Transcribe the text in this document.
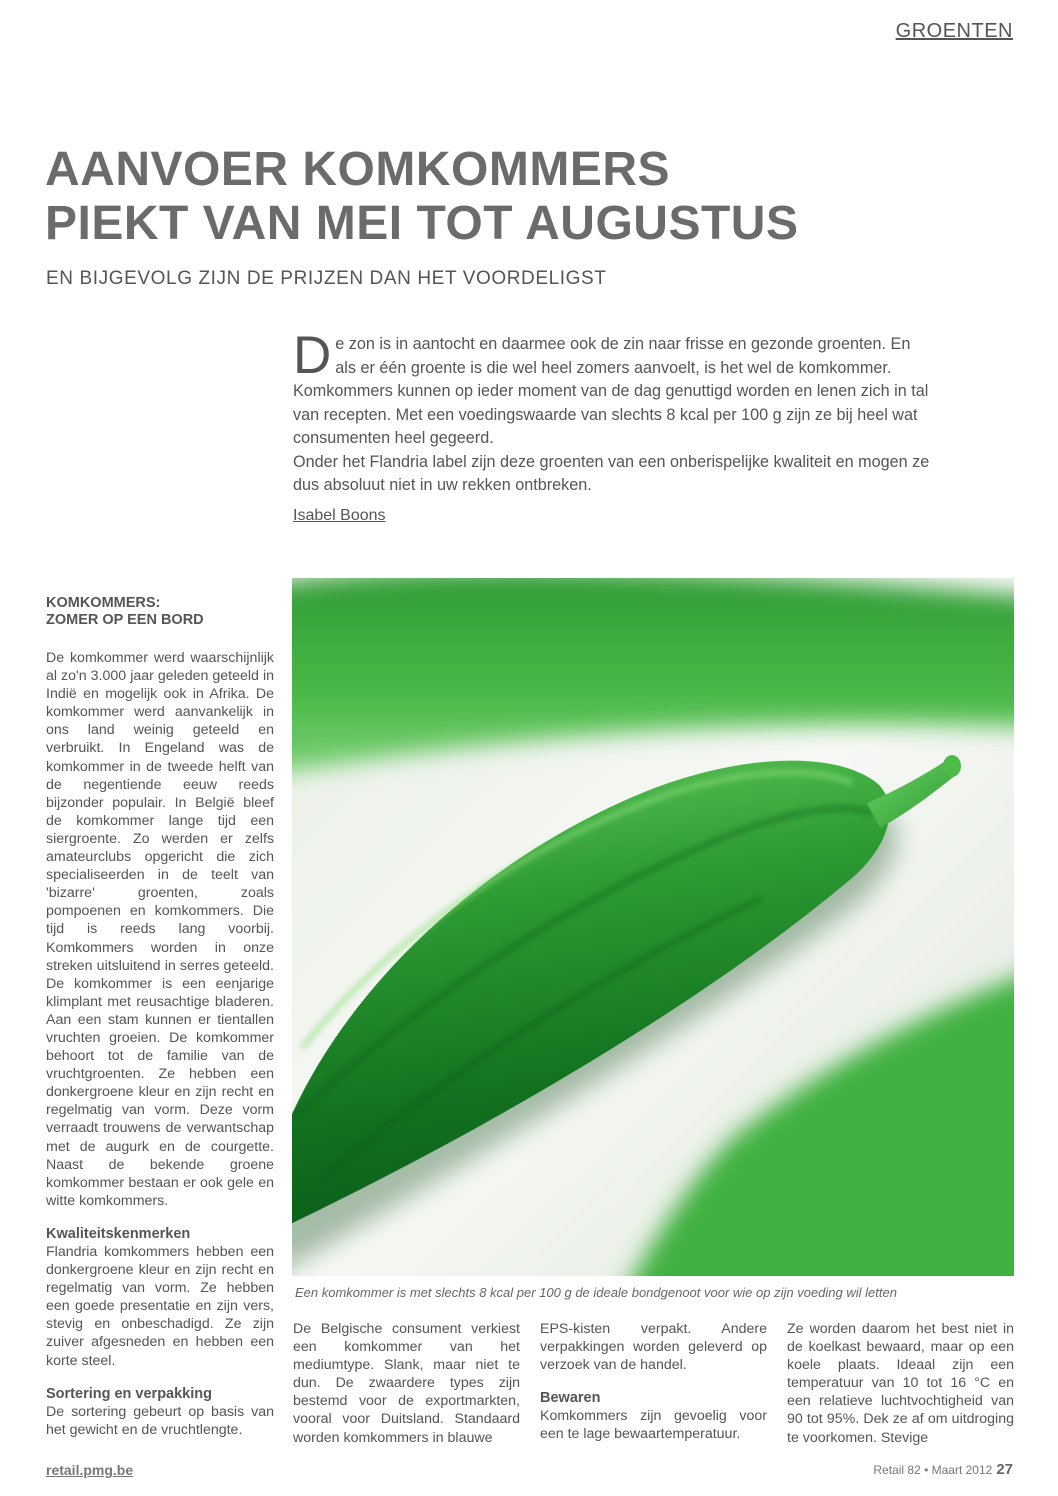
GROENTEN
AANVOER KOMKOMMERS
PIEKT VAN MEI TOT AUGUSTUS
EN BIJGEVOLG ZIJN DE PRIJZEN DAN HET VOORDELIGST

De zon is in aantocht en daarmee ook de zin naar frisse en gezonde groenten. En als er één groente is die wel heel zomers aanvoelt, is het wel de komkommer. Komkommers kunnen op ieder moment van de dag genuttigd worden en lenen zich in tal van recepten. Met een voedingswaarde van slechts 8 kcal per 100 g zijn ze bij heel wat consumenten heel gegeerd.

Onder het Flandria label zijn deze groenten van een onberispelijke kwaliteit en mogen ze dus absoluut niet in uw rekken ontbreken.

Isabel Boons
KOMKOMMERS:
ZOMER OP EEN BORD

De komkommer werd waarschijnlijk al zo'n 3.000 jaar geleden geteeld in Indië en mogelijk ook in Afrika. De komkommer werd aanvankelijk in ons land weinig geteeld en verbruikt. In Engeland was de komkommer in de tweede helft van de negentiende eeuw reeds bijzonder populair. In België bleef de komkommer lange tijd een siergroente. Zo werden er zelfs amateurclubs opgericht die zich specialiseerden in de teelt van 'bizarre' groenten, zoals pompoenen en komkommers. Die tijd is reeds lang voorbij. Komkommers worden in onze streken uitsluitend in serres geteeld. De komkommer is een eenjarige klimplant met reusachtige bladeren. Aan een stam kunnen er tientallen vruchten groeien. De komkommer behoort tot de familie van de vruchtgroenten. Ze hebben een donkergroene kleur en zijn recht en regelmatig van vorm. Deze vorm verraadt trouwens de verwantschap met de augurk en de courgette. Naast de bekende groene komkommer bestaan er ook gele en witte komkommers.

Kwaliteitskenmerken

Flandria komkommers hebben een donkergroene kleur en zijn recht en regelmatig van vorm. Ze hebben een goede presentatie en zijn vers, stevig en onbeschadigd. Ze zijn zuiver afgesneden en hebben een korte steel.

Sortering en verpakking

De sortering gebeurt op basis van het gewicht en de vruchtlengte.

Een komkommer is met slechts 8 kcal per 100 g de ideale bondgenoot voor wie op zijn voeding wil letten

De Belgische consument verkiest een komkommer van het mediumtype. Slank, maar niet te dun. De zwaardere types zijn bestemd voor de exportmarkten, vooral voor Duitsland. Standaard worden komkommers in blauwe

EPS-kisten verpakt. Andere verpakkingen worden geleverd op verzoek van de handel.

Bewaren

Komkommers zijn gevoelig voor een te lage bewaartemperatuur.

Ze worden daarom het best niet in de koelkast bewaard, maar op een koele plaats. Ideaal zijn een temperatuur van 10 tot 16 °C en een relatieve luchtvochtigheid van 90 tot 95%. Dek ze af om uitdroging te voorkomen. Stevige

retail.pmg.be	Retail 82 • Maart 2012 27
